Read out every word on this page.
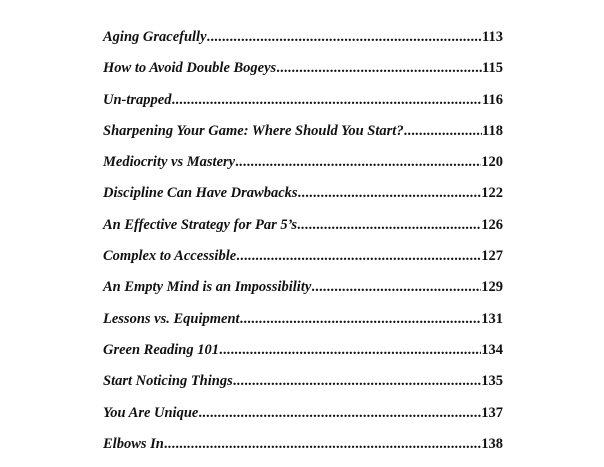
Aging Gracefully .....	113
How to Avoid Double Bogeys .....	115
Un-trapped .....	116
Sharpening Your Game: Where Should You Start? .....	118
Mediocrity vs Mastery .....	120
Discipline Can Have Drawbacks .....	122
An Effective Strategy for Par 5’s .....	126
Complex to Accessible .....	127
An Empty Mind is an Impossibility .....	129
Lessons vs. Equipment .....	131
Green Reading 101 .....	134
Start Noticing Things .....	135
You Are Unique .....	137
Elbows In .....	138
